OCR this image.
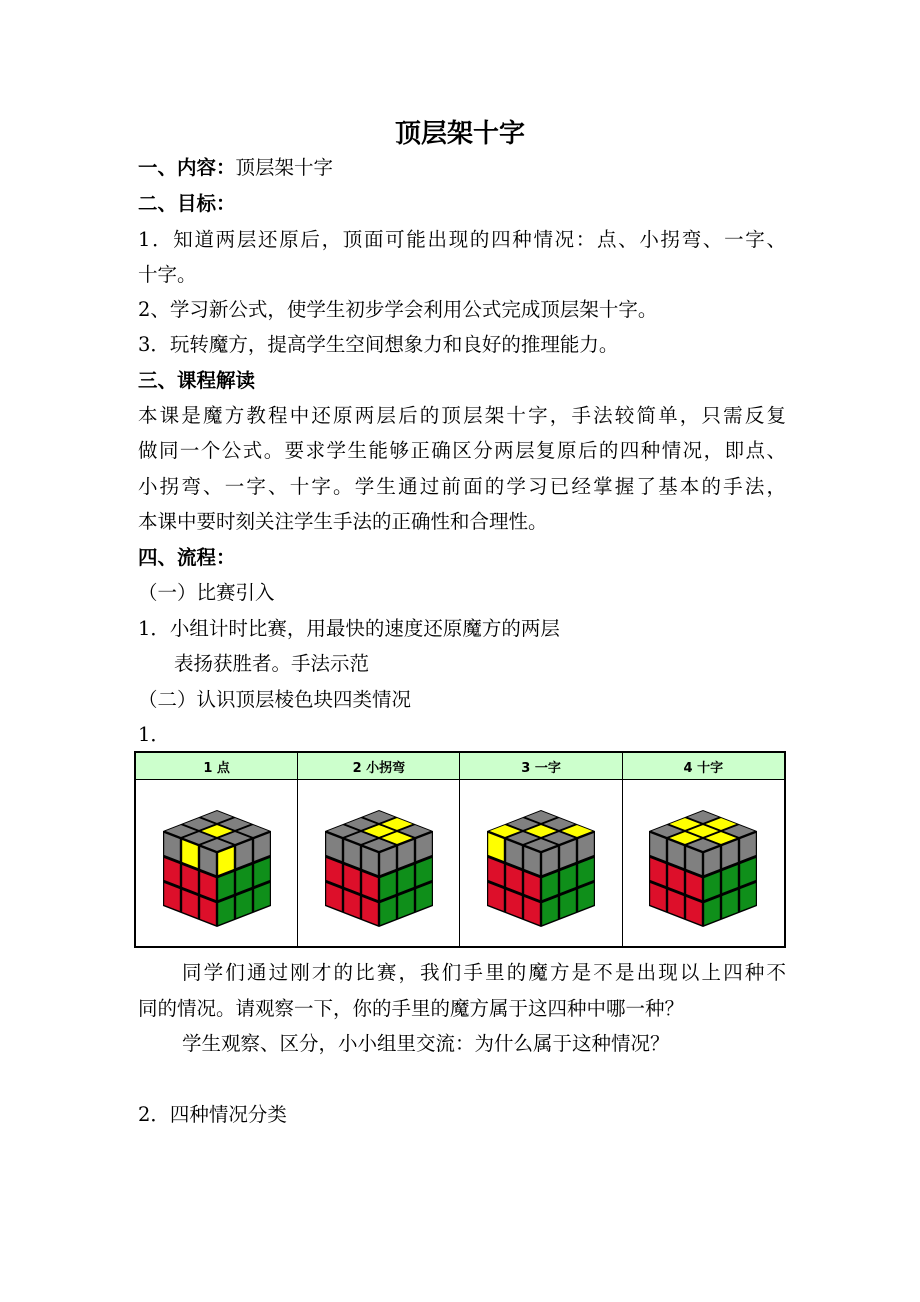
顶层架十字
一、内容：顶层架十字
二、目标：
1．知道两层还原后，顶面可能出现的四种情况：点、小拐弯、一字、
十字。
2、学习新公式，使学生初步学会利用公式完成顶层架十字。
3．玩转魔方，提高学生空间想象力和良好的推理能力。
三、课程解读
本课是魔方教程中还原两层后的顶层架十字，手法较简单，只需反复
做同一个公式。要求学生能够正确区分两层复原后的四种情况，即点、
小拐弯、一字、十字。学生通过前面的学习已经掌握了基本的手法，
本课中要时刻关注学生手法的正确性和合理性。
四、流程：
（一）比赛引入
1．小组计时比赛，用最快的速度还原魔方的两层
表扬获胜者。手法示范
（二）认识顶层棱色块四类情况
1．
1 点	2 小拐弯	3 一字	4 十字

同学们通过刚才的比赛，我们手里的魔方是不是出现以上四种不
同的情况。请观察一下，你的手里的魔方属于这四种中哪一种？
学生观察、区分，小小组里交流：为什么属于这种情况？
2．四种情况分类
